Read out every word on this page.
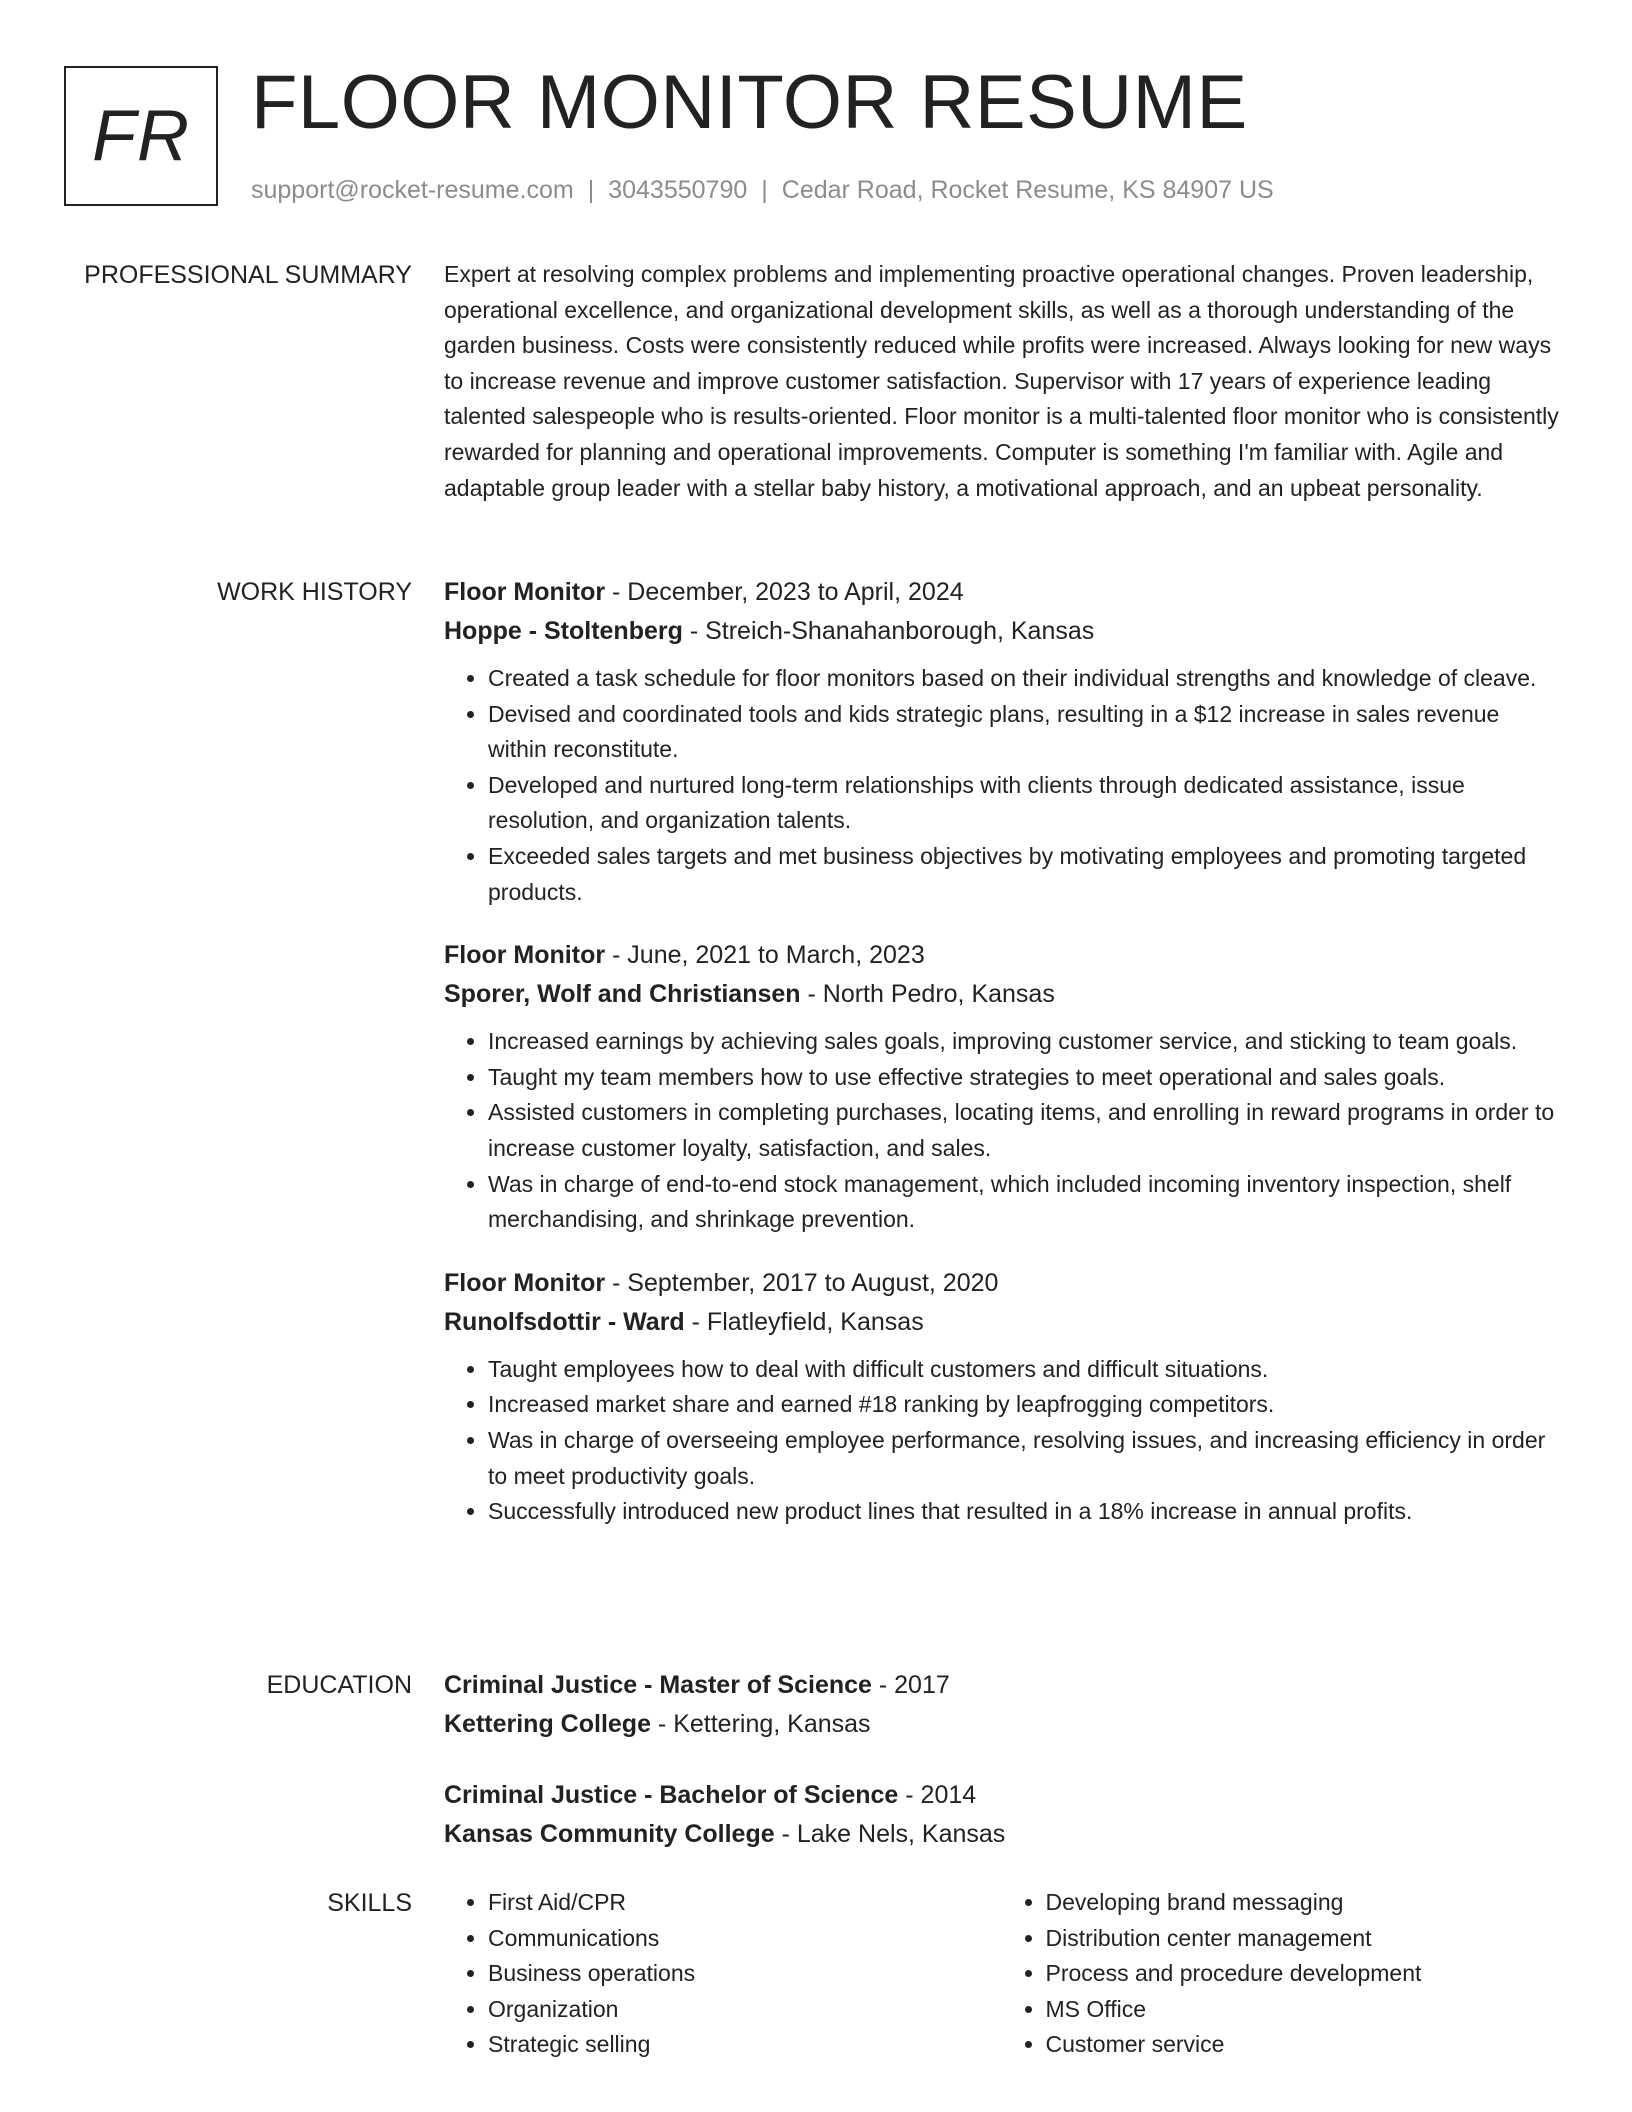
FR FLOOR MONITOR RESUME
support@rocket-resume.com | 3043550790 | Cedar Road, Rocket Resume, KS 84907 US
PROFESSIONAL SUMMARY Expert at resolving complex problems and implementing proactive operational changes. Proven leadership, operational excellence, and organizational development skills, as well as a thorough understanding of the garden business. Costs were consistently reduced while profits were increased. Always looking for new ways to increase revenue and improve customer satisfaction. Supervisor with 17 years of experience leading talented salespeople who is results-oriented. Floor monitor is a multi-talented floor monitor who is consistently rewarded for planning and operational improvements. Computer is something I'm familiar with. Agile and adaptable group leader with a stellar baby history, a motivational approach, and an upbeat personality.

WORK HISTORY Floor Monitor - December, 2023 to April, 2024
Hoppe - Stoltenberg - Streich-Shanahanborough, Kansas
• Created a task schedule for floor monitors based on their individual strengths and knowledge of cleave.
• Devised and coordinated tools and kids strategic plans, resulting in a $12 increase in sales revenue within reconstitute.
• Developed and nurtured long-term relationships with clients through dedicated assistance, issue resolution, and organization talents.
• Exceeded sales targets and met business objectives by motivating employees and promoting targeted products.
Floor Monitor - June, 2021 to March, 2023
Sporer, Wolf and Christiansen - North Pedro, Kansas
• Increased earnings by achieving sales goals, improving customer service, and sticking to team goals.
• Taught my team members how to use effective strategies to meet operational and sales goals.
• Assisted customers in completing purchases, locating items, and enrolling in reward programs in order to increase customer loyalty, satisfaction, and sales.
• Was in charge of end-to-end stock management, which included incoming inventory inspection, shelf merchandising, and shrinkage prevention.
Floor Monitor - September, 2017 to August, 2020
Runolfsdottir - Ward - Flatleyfield, Kansas
• Taught employees how to deal with difficult customers and difficult situations.
• Increased market share and earned #18 ranking by leapfrogging competitors.
• Was in charge of overseeing employee performance, resolving issues, and increasing efficiency in order to meet productivity goals.
• Successfully introduced new product lines that resulted in a 18% increase in annual profits.
EDUCATION Criminal Justice - Master of Science - 2017
Kettering College - Kettering, Kansas
Criminal Justice - Bachelor of Science - 2014
Kansas Community College - Lake Nels, Kansas
SKILLS
•	First Aid/CPR
• Communications
• Business operations
• Organization
• Strategic selling
• Developing brand messaging
• Distribution center management
• Process and procedure development
• MS Office
• Customer service
